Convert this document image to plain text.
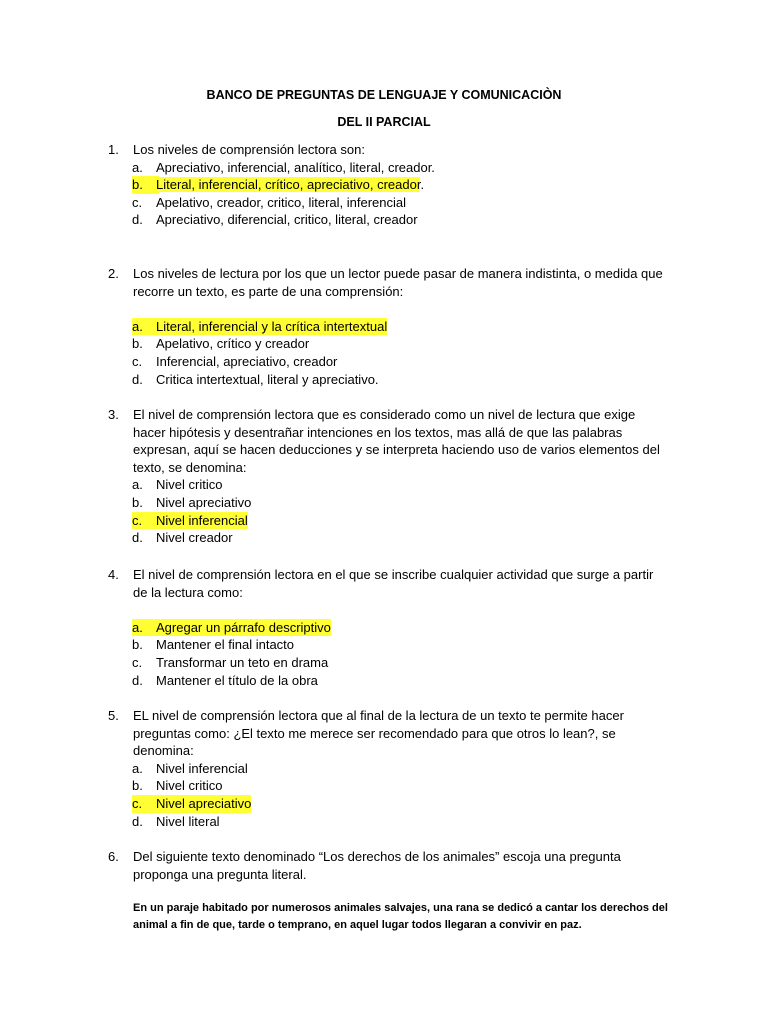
BANCO DE PREGUNTAS DE LENGUAJE Y COMUNICACIÒN
DEL II PARCIAL
1. Los niveles de comprensión lectora son:
a. Apreciativo, inferencial, analítico, literal, creador.
b.	Literal, inferencial, crítico, apreciativo, creador.
c. Apelativo, creador, critico, literal, inferencial
d. Apreciativo, diferencial, critico, literal, creador
2. Los niveles de lectura por los que un lector puede pasar de manera indistinta, o medida que recorre un texto, es parte de una comprensión:
a.	Literal, inferencial y la crítica intertextual
b. Apelativo, crítico y creador
c. Inferencial, apreciativo, creador
d. Critica intertextual, literal y apreciativo.
3. El nivel de comprensión lectora que es considerado como un nivel de lectura que exige hacer hipótesis y desentrañar intenciones en los textos, mas allá de que las palabras expresan, aquí se hacen deducciones y se interpreta haciendo uso de varios elementos del texto, se denomina:
a. Nivel critico
b. Nivel apreciativo
c.	Nivel inferencial
d. Nivel creador
4. El nivel de comprensión lectora en el que se inscribe cualquier actividad que surge a partir de la lectura como:
a.	Agregar un párrafo descriptivo
b. Mantener el final intacto
c. Transformar un teto en drama
d. Mantener el título de la obra
5. EL nivel de comprensión lectora que al final de la lectura de un texto te permite hacer preguntas como: ¿El texto me merece ser recomendado para que otros lo lean?, se denomina:
a. Nivel inferencial
b. Nivel critico
c.	Nivel apreciativo
d. Nivel literal
6. Del siguiente texto denominado “Los derechos de los animales” escoja una pregunta proponga una pregunta literal.
En un paraje habitado por numerosos animales salvajes, una rana se dedicó a cantar los derechos del animal a fin de que, tarde o temprano, en aquel lugar todos llegaran a convivir en paz.
